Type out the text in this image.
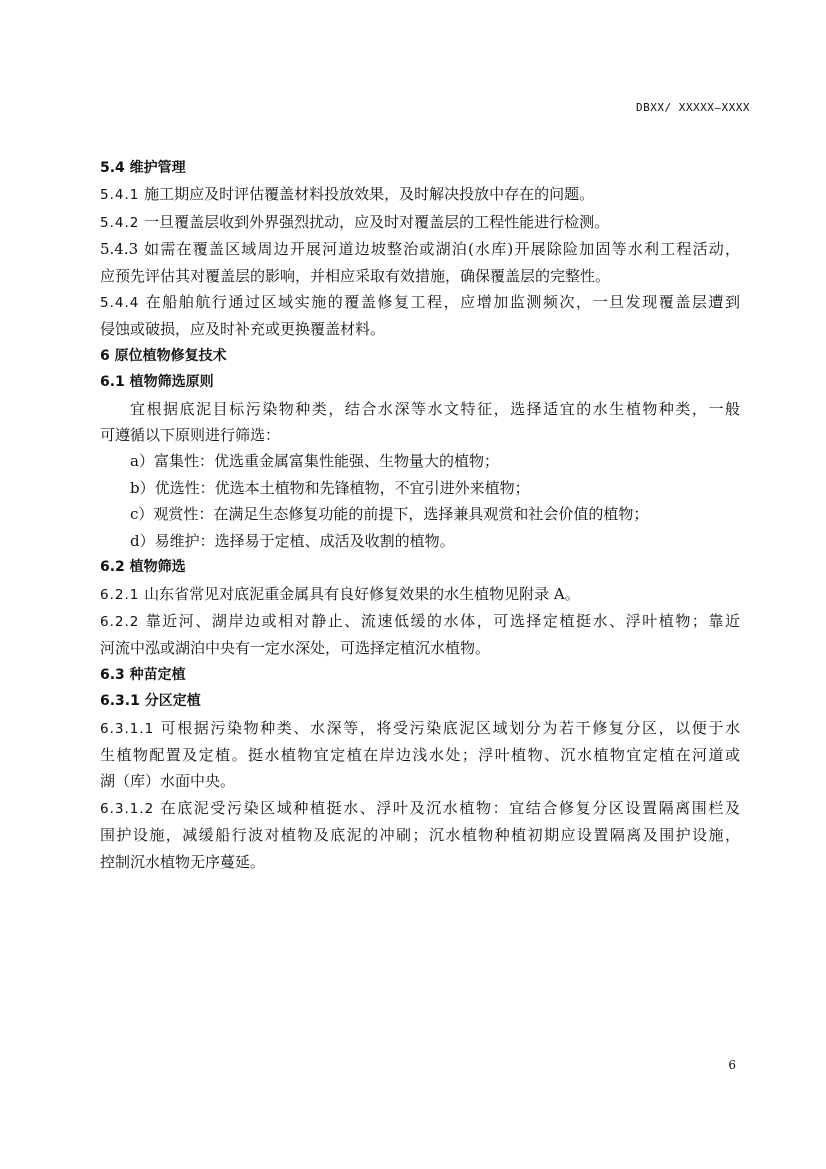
DBXX/ XXXXX—XXXX

5.4 维护管理

5.4.1 施工期应及时评估覆盖材料投放效果，及时解决投放中存在的问题。

5.4.2 一旦覆盖层收到外界强烈扰动，应及时对覆盖层的工程性能进行检测。

5.4.3 如需在覆盖区域周边开展河道边坡整治或湖泊(水库)开展除险加固等水利工程活动，

应预先评估其对覆盖层的影响，并相应采取有效措施，确保覆盖层的完整性。

5.4.4 在船舶航行通过区域实施的覆盖修复工程，应增加监测频次，一旦发现覆盖层遭到

侵蚀或破损，应及时补充或更换覆盖材料。

6 原位植物修复技术

6.1 植物筛选原则

宜根据底泥目标污染物种类，结合水深等水文特征，选择适宜的水生植物种类，一般

可遵循以下原则进行筛选：

a）富集性：优选重金属富集性能强、生物量大的植物；

b）优选性：优选本土植物和先锋植物，不宜引进外来植物；

c）观赏性：在满足生态修复功能的前提下，选择兼具观赏和社会价值的植物；

d）易维护：选择易于定植、成活及收割的植物。

6.2 植物筛选

6.2.1 山东省常见对底泥重金属具有良好修复效果的水生植物见附录 A。

6.2.2 靠近河、湖岸边或相对静止、流速低缓的水体，可选择定植挺水、浮叶植物；靠近

河流中泓或湖泊中央有一定水深处，可选择定植沉水植物。

6.3 种苗定植

6.3.1 分区定植

6.3.1.1 可根据污染物种类、水深等，将受污染底泥区域划分为若干修复分区，以便于水

生植物配置及定植。挺水植物宜定植在岸边浅水处；浮叶植物、沉水植物宜定植在河道或

湖（库）水面中央。

6.3.1.2 在底泥受污染区域种植挺水、浮叶及沉水植物：宜结合修复分区设置隔离围栏及

围护设施，减缓船行波对植物及底泥的冲刷；沉水植物种植初期应设置隔离及围护设施，

控制沉水植物无序蔓延。

6
